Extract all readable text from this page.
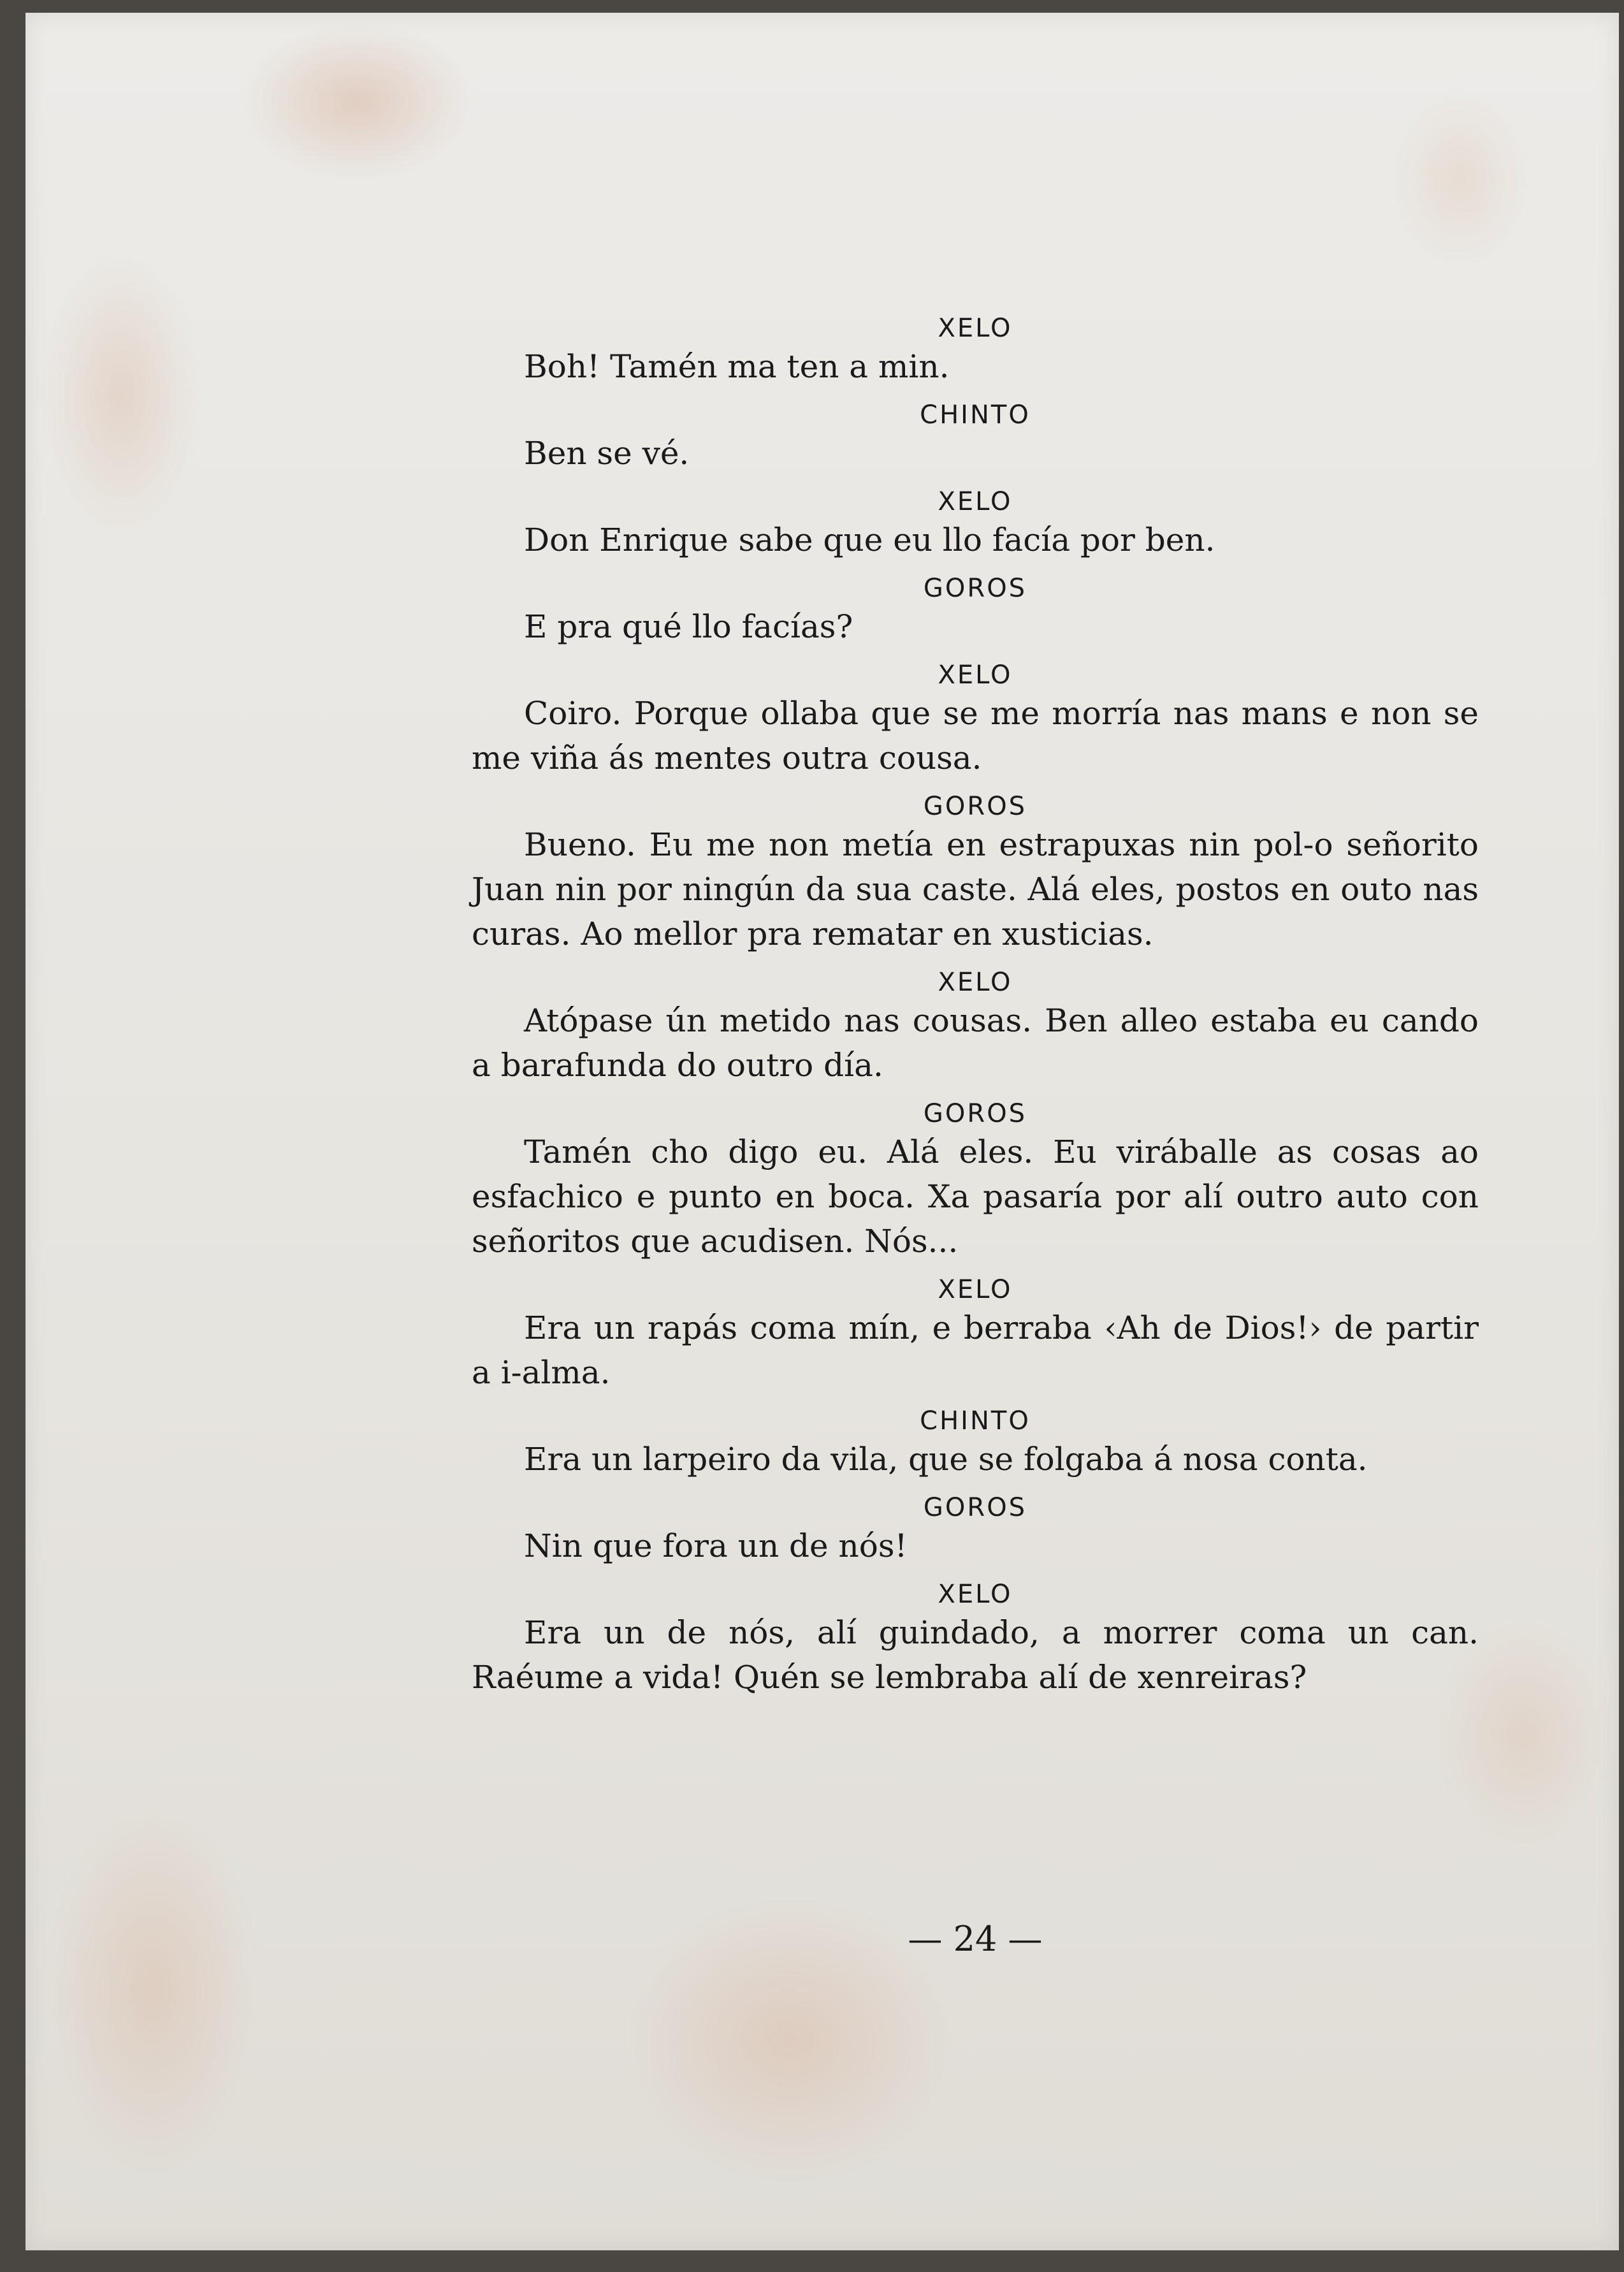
XELO

Boh! Tamén ma ten a min.

CHINTO

Ben se vé.

XELO

Don Enrique sabe que eu llo facía por ben.

GOROS

E pra qué llo facías?

XELO

Coiro. Porque ollaba que se me morría nas mans e non se me viña ás mentes outra cousa.

GOROS

Bueno. Eu me non metía en estrapuxas nin pol-o señorito Juan nin por ningún da sua caste. Alá eles, postos en outo nas curas. Ao mellor pra rematar en xusticias.

XELO

Atópase ún metido nas cousas. Ben alleo estaba eu cando a barafunda do outro día.

GOROS

Tamén cho digo eu. Alá eles. Eu viráballe as cosas ao esfachico e punto en boca. Xa pasaría por alí outro auto con señoritos que acudisen. Nós...

XELO

Era un rapás coma mín, e berraba ‹Ah de Dios!› de partir a i-alma.

CHINTO

Era un larpeiro da vila, que se folgaba á nosa conta.

GOROS

Nin que fora un de nós!

XELO

Era un de nós, alí guindado, a morrer coma un can. Raéume a vida! Quén se lembraba alí de xenreiras?

— 24 —
